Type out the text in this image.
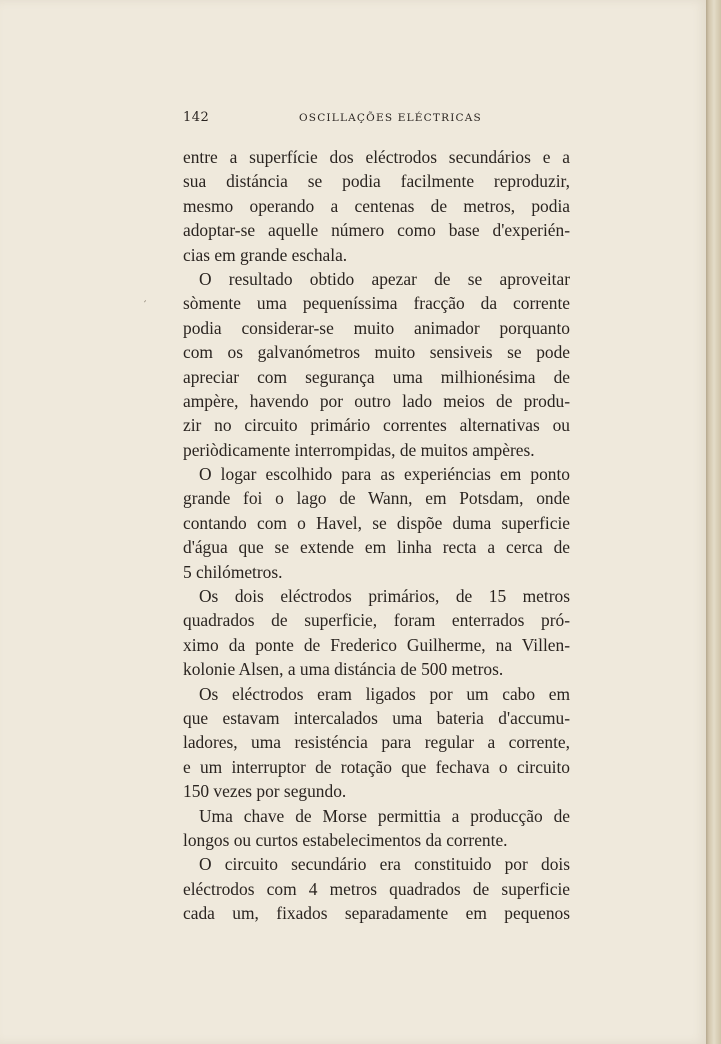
142	OSCILLAÇÕES ELÉCTRICAS
′
entre a superfície dos eléctrodos secundários e a
sua distáncia se podia facilmente reproduzir,
mesmo operando a centenas de metros, podia
adoptar-se aquelle número como base d'experién-
cias em grande eschala.
O resultado obtido apezar de se aproveitar
sòmente uma pequeníssima fracção da corrente
podia considerar-se muito animador porquanto
com os galvanómetros muito sensiveis se pode
apreciar com segurança uma milhionésima de
ampère, havendo por outro lado meios de produ-
zir no circuito primário correntes alternativas ou
periòdicamente interrompidas, de muitos ampères.
O logar escolhido para as experiéncias em ponto
grande foi o lago de Wann, em Potsdam, onde
contando com o Havel, se dispõe duma superficie
d'água que se extende em linha recta a cerca de
5 chilómetros.
Os dois eléctrodos primários, de 15 metros
quadrados de superficie, foram enterrados pró-
ximo da ponte de Frederico Guilherme, na Villen-
kolonie Alsen, a uma distáncia de 500 metros.
Os eléctrodos eram ligados por um cabo em
que estavam intercalados uma bateria d'accumu-
ladores, uma resisténcia para regular a corrente,
e um interruptor de rotação que fechava o circuito
150 vezes por segundo.
Uma chave de Morse permittia a producção de
longos ou curtos estabelecimentos da corrente.
O circuito secundário era constituido por dois
eléctrodos com 4 metros quadrados de superficie
cada um, fixados separadamente em pequenos
